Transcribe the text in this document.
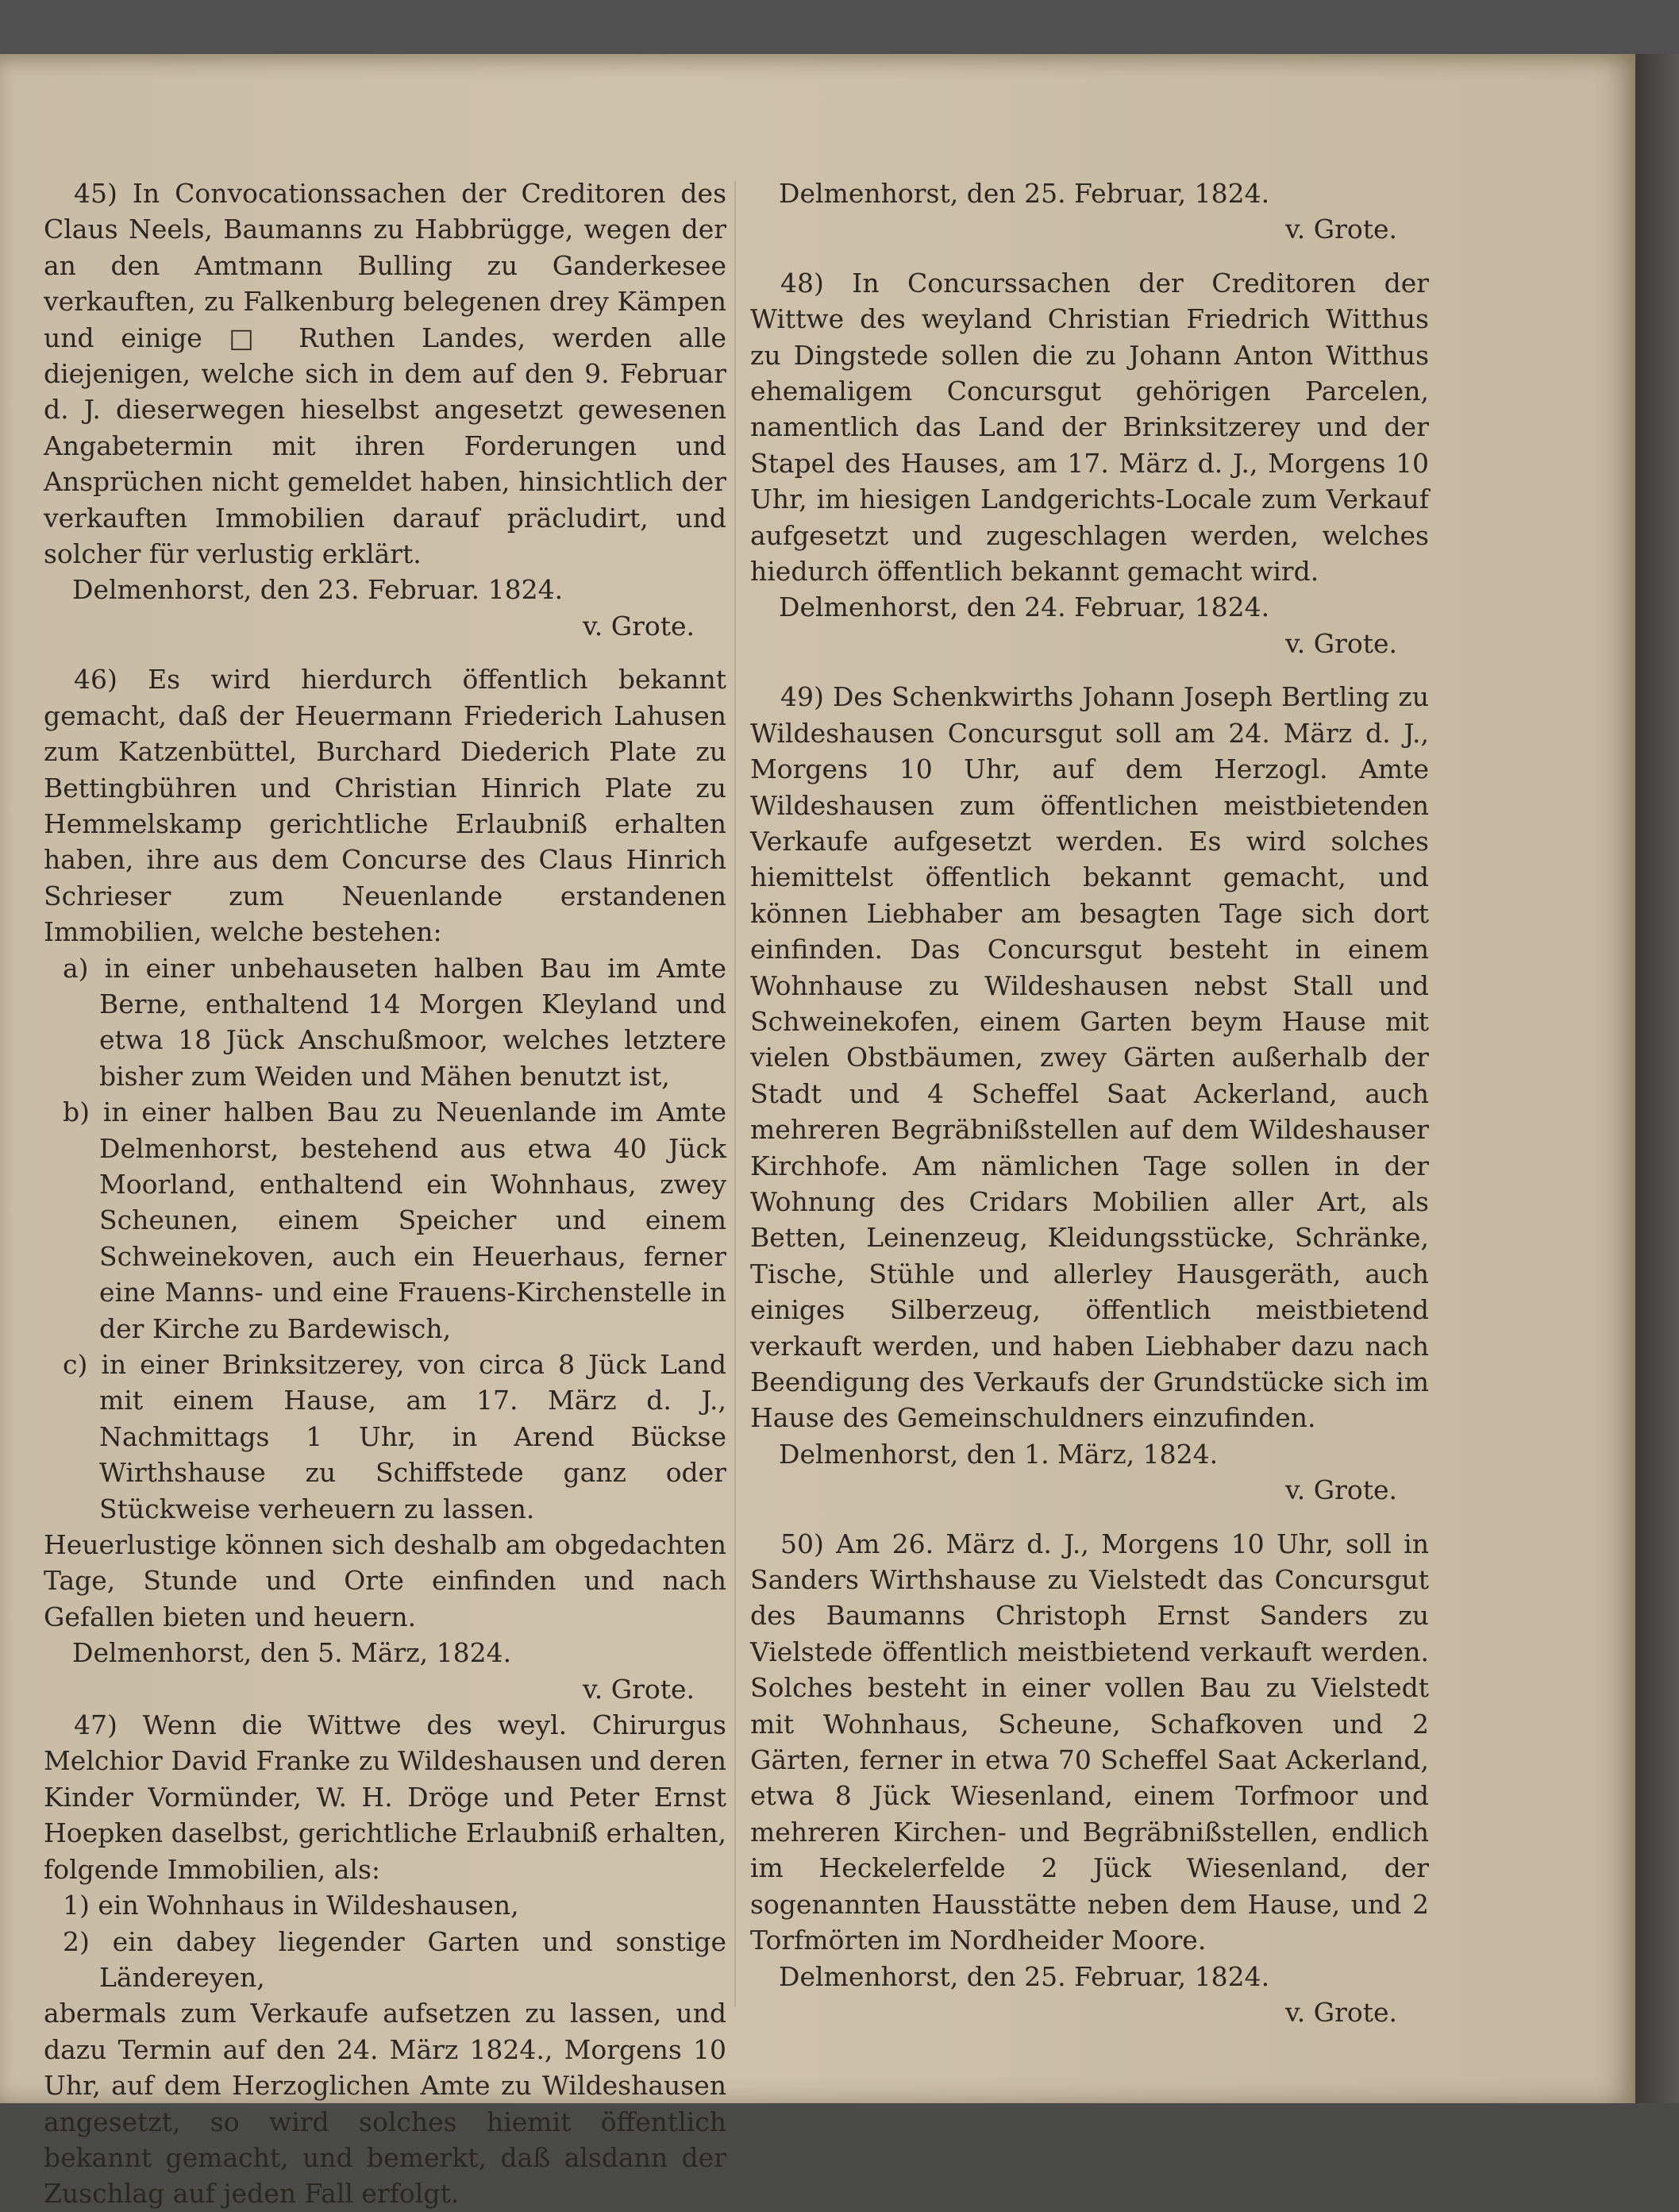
45) In Convocationssachen der Creditoren des Claus Neels, Baumanns zu Habbrügge, wegen der an den Amtmann Bulling zu Ganderkesee verkauften, zu Falkenburg belegenen drey Kämpen und einige □ Ruthen Landes, werden alle diejenigen, welche sich in dem auf den 9. Februar d. J. dieserwegen hieselbst angesetzt gewesenen Angabetermin mit ihren Forderungen und Ansprüchen nicht gemeldet haben, hinsichtlich der verkauften Immobilien darauf präcludirt, und solcher für verlustig erklärt.

Delmenhorst, den 23. Februar. 1824.

v. Grote.

46) Es wird hierdurch öffentlich bekannt gemacht, daß der Heuermann Friederich Lahusen zum Katzenbüttel, Burchard Diederich Plate zu Bettingbühren und Christian Hinrich Plate zu Hemmelskamp gerichtliche Erlaubniß erhalten haben, ihre aus dem Concurse des Claus Hinrich Schrieser zum Neuenlande erstandenen Immobilien, welche bestehen:

a) in einer unbehauseten halben Bau im Amte Berne, enthaltend 14 Morgen Kleyland und etwa 18 Jück Anschußmoor, welches letztere bisher zum Weiden und Mähen benutzt ist,

b) in einer halben Bau zu Neuenlande im Amte Delmenhorst, bestehend aus etwa 40 Jück Moorland, enthaltend ein Wohnhaus, zwey Scheunen, einem Speicher und einem Schweinekoven, auch ein Heuerhaus, ferner eine Manns- und eine Frauens-Kirchenstelle in der Kirche zu Bardewisch,

c) in einer Brinksitzerey, von circa 8 Jück Land mit einem Hause, am 17. März d. J., Nachmittags 1 Uhr, in Arend Bückse Wirthshause zu Schiffstede ganz oder Stückweise verheuern zu lassen.

Heuerlustige können sich deshalb am obgedachten Tage, Stunde und Orte einfinden und nach Gefallen bieten und heuern.

Delmenhorst, den 5. März, 1824.

v. Grote.

47) Wenn die Wittwe des weyl. Chirurgus Melchior David Franke zu Wildeshausen und deren Kinder Vormünder, W. H. Dröge und Peter Ernst Hoepken daselbst, gerichtliche Erlaubniß erhalten, folgende Immobilien, als:

1) ein Wohnhaus in Wildeshausen,

2) ein dabey liegender Garten und sonstige Ländereyen,

abermals zum Verkaufe aufsetzen zu lassen, und dazu Termin auf den 24. März 1824., Morgens 10 Uhr, auf dem Herzoglichen Amte zu Wildeshausen angesetzt, so wird solches hiemit öffentlich bekannt gemacht, und bemerkt, daß alsdann der Zuschlag auf jeden Fall erfolgt.

Delmenhorst, den 25. Februar, 1824.

v. Grote.

48) In Concurssachen der Creditoren der Wittwe des weyland Christian Friedrich Witthus zu Dingstede sollen die zu Johann Anton Witthus ehemaligem Concursgut gehörigen Parcelen, namentlich das Land der Brinksitzerey und der Stapel des Hauses, am 17. März d. J., Morgens 10 Uhr, im hiesigen Landgerichts-Locale zum Verkauf aufgesetzt und zugeschlagen werden, welches hiedurch öffentlich bekannt gemacht wird.

Delmenhorst, den 24. Februar, 1824.

v. Grote.

49) Des Schenkwirths Johann Joseph Bertling zu Wildeshausen Concursgut soll am 24. März d. J., Morgens 10 Uhr, auf dem Herzogl. Amte Wildeshausen zum öffentlichen meistbietenden Verkaufe aufgesetzt werden. Es wird solches hiemittelst öffentlich bekannt gemacht, und können Liebhaber am besagten Tage sich dort einfinden. Das Concursgut besteht in einem Wohnhause zu Wildeshausen nebst Stall und Schweinekofen, einem Garten beym Hause mit vielen Obstbäumen, zwey Gärten außerhalb der Stadt und 4 Scheffel Saat Ackerland, auch mehreren Begräbnißstellen auf dem Wildeshauser Kirchhofe. Am nämlichen Tage sollen in der Wohnung des Cridars Mobilien aller Art, als Betten, Leinenzeug, Kleidungsstücke, Schränke, Tische, Stühle und allerley Hausgeräth, auch einiges Silberzeug, öffentlich meistbietend verkauft werden, und haben Liebhaber dazu nach Beendigung des Verkaufs der Grundstücke sich im Hause des Gemeinschuldners einzufinden.

Delmenhorst, den 1. März, 1824.

v. Grote.

50) Am 26. März d. J., Morgens 10 Uhr, soll in Sanders Wirthshause zu Vielstedt das Concursgut des Baumanns Christoph Ernst Sanders zu Vielstede öffentlich meistbietend verkauft werden. Solches besteht in einer vollen Bau zu Vielstedt mit Wohnhaus, Scheune, Schafkoven und 2 Gärten, ferner in etwa 70 Scheffel Saat Ackerland, etwa 8 Jück Wiesenland, einem Torfmoor und mehreren Kirchen- und Begräbnißstellen, endlich im Heckelerfelde 2 Jück Wiesenland, der sogenannten Hausstätte neben dem Hause, und 2 Torfmörten im Nordheider Moore.

Delmenhorst, den 25. Februar, 1824.

v. Grote.
